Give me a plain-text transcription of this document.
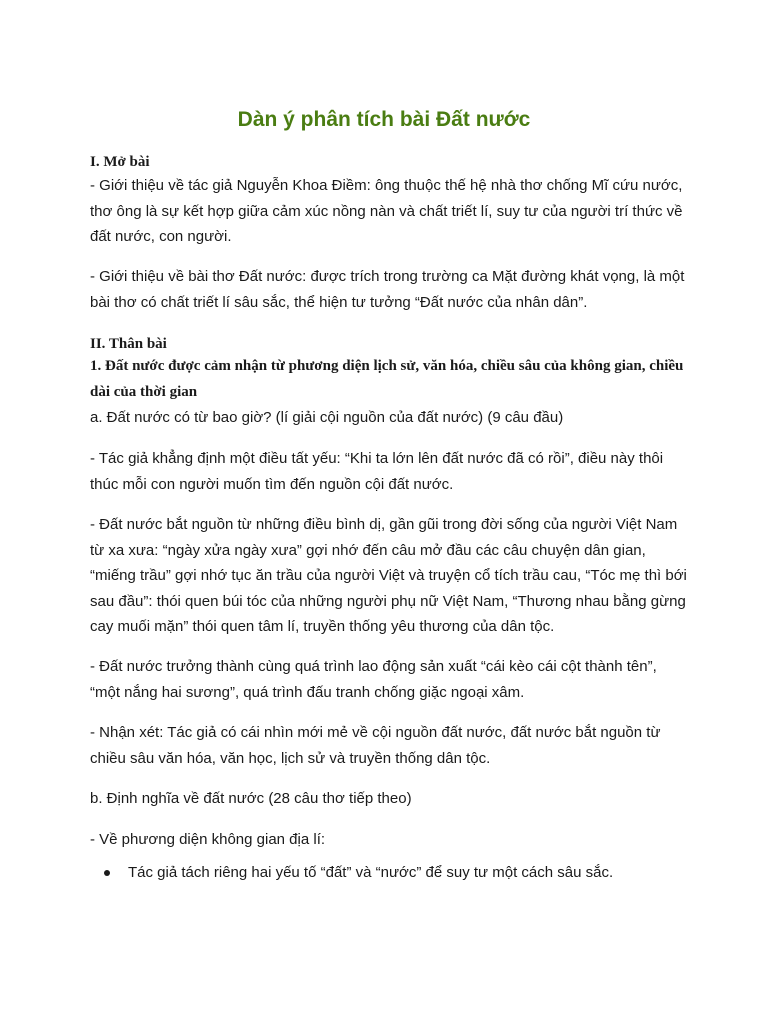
Dàn ý phân tích bài Đất nước
I. Mở bài

- Giới thiệu về tác giả Nguyễn Khoa Điềm: ông thuộc thế hệ nhà thơ chống Mĩ cứu nước, thơ ông là sự kết hợp giữa cảm xúc nồng nàn và chất triết lí, suy tư của người trí thức về đất nước, con người.

- Giới thiệu về bài thơ Đất nước: được trích trong trường ca Mặt đường khát vọng, là một bài thơ có chất triết lí sâu sắc, thể hiện tư tưởng “Đất nước của nhân dân”.

II. Thân bài
1. Đất nước được cảm nhận từ phương diện lịch sử, văn hóa, chiều sâu của không gian, chiều dài của thời gian

a. Đất nước có từ bao giờ? (lí giải cội nguồn của đất nước) (9 câu đầu)

- Tác giả khẳng định một điều tất yếu: “Khi ta lớn lên đất nước đã có rồi”, điều này thôi thúc mỗi con người muốn tìm đến nguồn cội đất nước.

- Đất nước bắt nguồn từ những điều bình dị, gần gũi trong đời sống của người Việt Nam từ xa xưa: “ngày xửa ngày xưa” gợi nhớ đến câu mở đầu các câu chuyện dân gian, “miếng trầu” gợi nhớ tục ăn trầu của người Việt và truyện cổ tích trầu cau, “Tóc mẹ thì bới sau đầu”: thói quen búi tóc của những người phụ nữ Việt Nam, “Thương nhau bằng gừng cay muối mặn” thói quen tâm lí, truyền thống yêu thương của dân tộc.

- Đất nước trưởng thành cùng quá trình lao động sản xuất “cái kèo cái cột thành tên”, “một nắng hai sương”, quá trình đấu tranh chống giặc ngoại xâm.

- Nhận xét: Tác giả có cái nhìn mới mẻ về cội nguồn đất nước, đất nước bắt nguồn từ chiều sâu văn hóa, văn học, lịch sử và truyền thống dân tộc.

b. Định nghĩa về đất nước (28 câu thơ tiếp theo)

- Về phương diện không gian địa lí:

Tác giả tách riêng hai yếu tố “đất” và “nước” để suy tư một cách sâu sắc.
